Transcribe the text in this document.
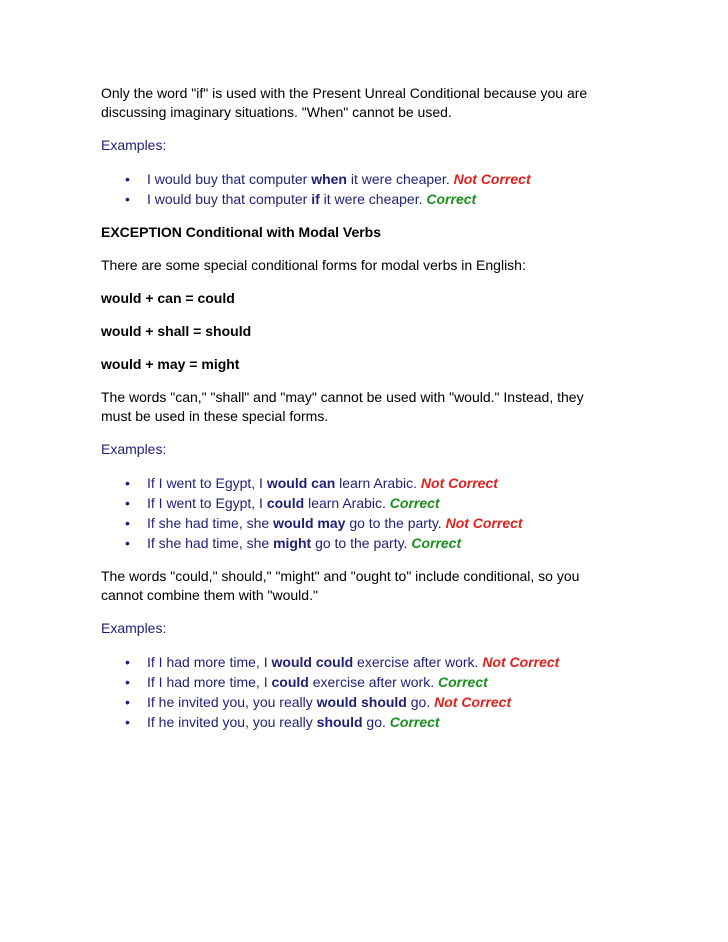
Only the word "if" is used with the Present Unreal Conditional because you are
discussing imaginary situations. "When" cannot be used.

Examples:

• I would buy that computer when it were cheaper. Not Correct
• I would buy that computer if it were cheaper. Correct

EXCEPTION Conditional with Modal Verbs

There are some special conditional forms for modal verbs in English:

would + can = could

would + shall = should

would + may = might

The words "can," "shall" and "may" cannot be used with "would." Instead, they
must be used in these special forms.

Examples:

• If I went to Egypt, I would can learn Arabic. Not Correct
• If I went to Egypt, I could learn Arabic. Correct
• If she had time, she would may go to the party. Not Correct
• If she had time, she might go to the party. Correct

The words "could," should," "might" and "ought to" include conditional, so you
cannot combine them with "would."

Examples:

• If I had more time, I would could exercise after work. Not Correct
• If I had more time, I could exercise after work. Correct
• If he invited you, you really would should go. Not Correct
• If he invited you, you really should go. Correct
